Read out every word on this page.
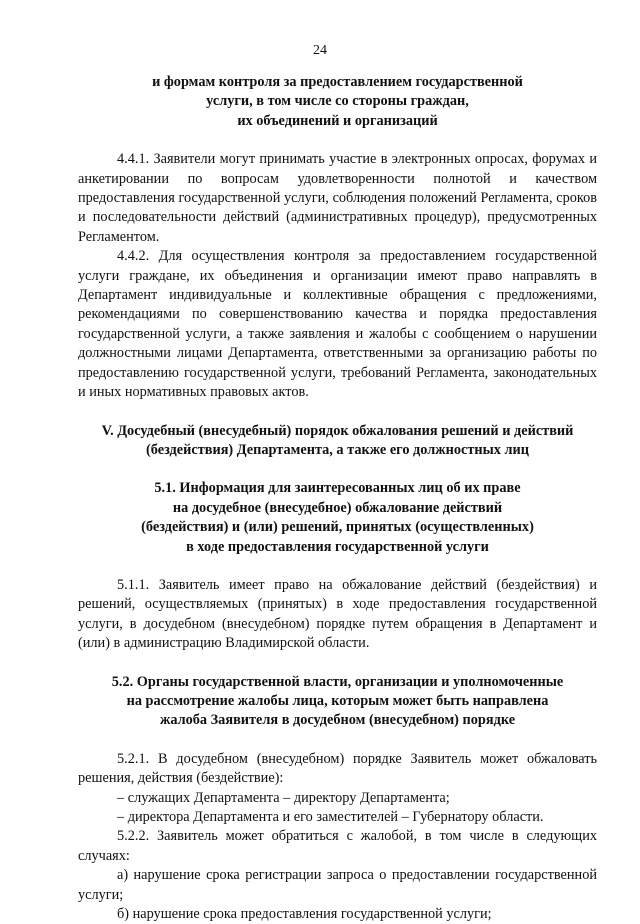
24
и формам контроля за предоставлением государственной
услуги, в том числе со стороны граждан,
их объединений и организаций

4.4.1. Заявители могут принимать участие в электронных опросах, форумах и анкетировании по вопросам удовлетворенности полнотой и качеством предоставления государственной услуги, соблюдения положений Регламента, сроков и последовательности действий (административных процедур), предусмотренных Регламентом.

4.4.2. Для осуществления контроля за предоставлением государственной услуги граждане, их объединения и организации имеют право направлять в Департамент индивидуальные и коллективные обращения с предложениями, рекомендациями по совершенствованию качества и порядка предоставления государственной услуги, а также заявления и жалобы с сообщением о нарушении должностными лицами Департамента, ответственными за организацию работы по предоставлению государственной услуги, требований Регламента, законодательных и иных нормативных правовых актов.

V. Досудебный (внесудебный) порядок обжалования решений и действий
(бездействия) Департамента, а также его должностных лиц
5.1. Информация для заинтересованных лиц об их праве
на досудебное (внесудебное) обжалование действий
(бездействия) и (или) решений, принятых (осуществленных)
в ходе предоставления государственной услуги

5.1.1. Заявитель имеет право на обжалование действий (бездействия) и решений, осуществляемых (принятых) в ходе предоставления государственной услуги, в досудебном (внесудебном) порядке путем обращения в Департамент и (или) в администрацию Владимирской области.

5.2. Органы государственной власти, организации и уполномоченные
на рассмотрение жалобы лица, которым может быть направлена
жалоба Заявителя в досудебном (внесудебном) порядке

5.2.1. В досудебном (внесудебном) порядке Заявитель может обжаловать решения, действия (бездействие):

– служащих Департамента – директору Департамента;

– директора Департамента и его заместителей – Губернатору области.

5.2.2. Заявитель может обратиться с жалобой, в том числе в следующих случаях:

а) нарушение срока регистрации запроса о предоставлении государственной услуги;

б) нарушение срока предоставления государственной услуги;
